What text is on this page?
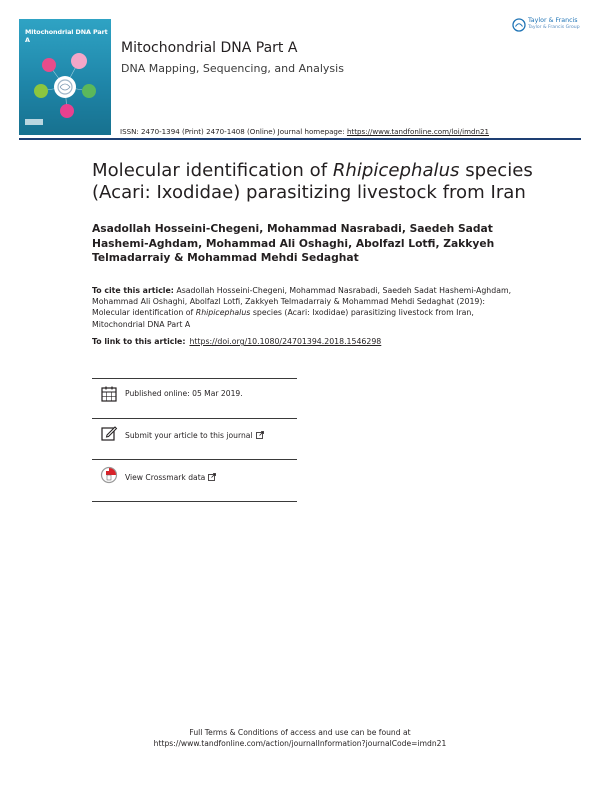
Mitochondrial DNA Part A	Mitochondrial DNA Part A
DNA Mapping, Sequencing, and Analysis
ISSN: 2470-1394 (Print) 2470-1408 (Online) Journal homepage: https://www.tandfonline.com/loi/imdn21
Taylor & Francis
Taylor & Francis Group
Molecular identification of Rhipicephalus species (Acari: Ixodidae) parasitizing livestock from Iran
Asadollah Hosseini-Chegeni, Mohammad Nasrabadi, Saedeh Sadat Hashemi-Aghdam, Mohammad Ali Oshaghi, Abolfazl Lotfi, Zakkyeh Telmadarraiy & Mohammad Mehdi Sedaghat
To cite this article: Asadollah Hosseini-Chegeni, Mohammad Nasrabadi, Saedeh Sadat Hashemi-Aghdam, Mohammad Ali Oshaghi, Abolfazl Lotfi, Zakkyeh Telmadarraiy & Mohammad Mehdi Sedaghat (2019): Molecular identification of Rhipicephalus species (Acari: Ixodidae) parasitizing livestock from Iran, Mitochondrial DNA Part A
To link to this article: https://doi.org/10.1080/24701394.2018.1546298
Published online: 05 Mar 2019.
Submit your article to this journal
View Crossmark data
Full Terms & Conditions of access and use can be found at
https://www.tandfonline.com/action/journalInformation?journalCode=imdn21
